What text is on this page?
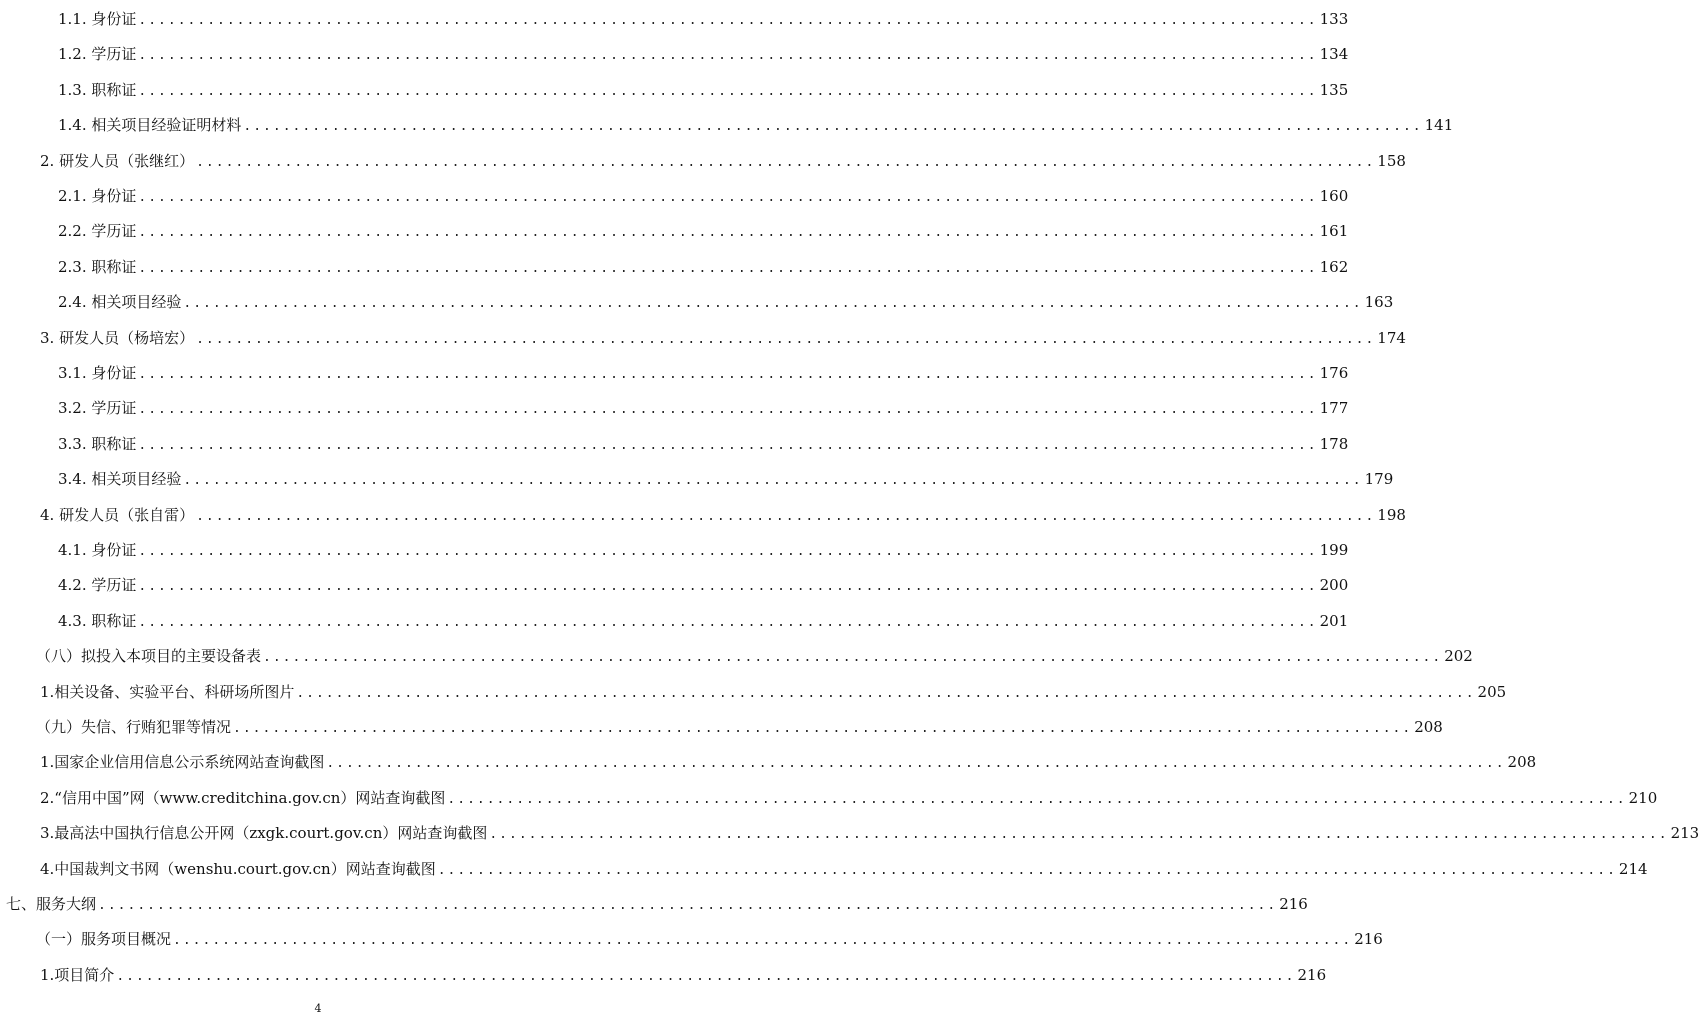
1.1. 身份证 ........................................................................................................................ 133
1.2. 学历证 ........................................................................................................................ 134
1.3. 职称证 ........................................................................................................................ 135
1.4. 相关项目经验证明材料 ........................................................................................................................ 141
2. 研发人员（张继红） ........................................................................................................................ 158
2.1. 身份证 ........................................................................................................................ 160
2.2. 学历证 ........................................................................................................................ 161
2.3. 职称证 ........................................................................................................................ 162
2.4. 相关项目经验 ........................................................................................................................ 163
3. 研发人员（杨培宏） ........................................................................................................................ 174
3.1. 身份证 ........................................................................................................................ 176
3.2. 学历证 ........................................................................................................................ 177
3.3. 职称证 ........................................................................................................................ 178
3.4. 相关项目经验 ........................................................................................................................ 179
4. 研发人员（张自雷） ........................................................................................................................ 198
4.1. 身份证 ........................................................................................................................ 199
4.2. 学历证 ........................................................................................................................ 200
4.3. 职称证 ........................................................................................................................ 201
（八）拟投入本项目的主要设备表 ........................................................................................................................ 202
1.相关设备、实验平台、科研场所图片 ........................................................................................................................ 205
（九）失信、行贿犯罪等情况 ........................................................................................................................ 208
1.国家企业信用信息公示系统网站查询截图 ........................................................................................................................ 208
2.“信用中国”网（www.creditchina.gov.cn）网站查询截图 ........................................................................................................................ 210
3.最高法中国执行信息公开网（zxgk.court.gov.cn）网站查询截图 ........................................................................................................................ 213
4.中国裁判文书网（wenshu.court.gov.cn）网站查询截图 ........................................................................................................................ 214
七、服务大纲 ........................................................................................................................ 216
（一）服务项目概况 ........................................................................................................................ 216
1.项目简介 ........................................................................................................................ 216
4
